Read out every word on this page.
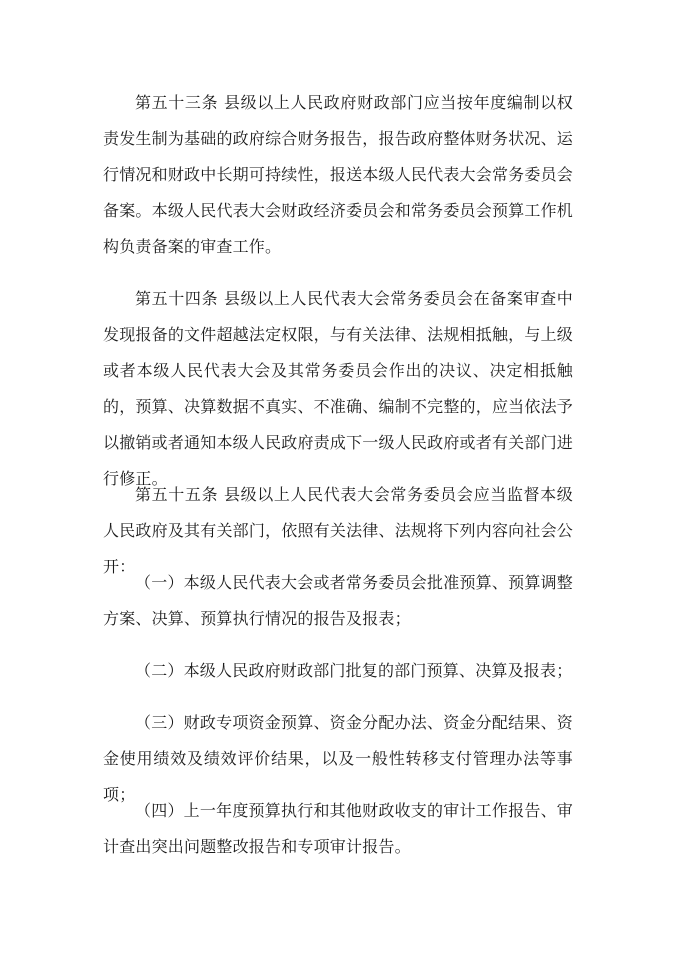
第五十三条 县级以上人民政府财政部门应当按年度编制以权责发生制为基础的政府综合财务报告，报告政府整体财务状况、运行情况和财政中长期可持续性，报送本级人民代表大会常务委员会备案。本级人民代表大会财政经济委员会和常务委员会预算工作机构负责备案的审查工作。

第五十四条 县级以上人民代表大会常务委员会在备案审查中发现报备的文件超越法定权限，与有关法律、法规相抵触，与上级或者本级人民代表大会及其常务委员会作出的决议、决定相抵触的，预算、决算数据不真实、不准确、编制不完整的，应当依法予以撤销或者通知本级人民政府责成下一级人民政府或者有关部门进行修正。

第五十五条 县级以上人民代表大会常务委员会应当监督本级人民政府及其有关部门，依照有关法律、法规将下列内容向社会公开：

（一）本级人民代表大会或者常务委员会批准预算、预算调整方案、决算、预算执行情况的报告及报表；

（二）本级人民政府财政部门批复的部门预算、决算及报表；

（三）财政专项资金预算、资金分配办法、资金分配结果、资金使用绩效及绩效评价结果，以及一般性转移支付管理办法等事项；

（四）上一年度预算执行和其他财政收支的审计工作报告、审计查出突出问题整改报告和专项审计报告。
